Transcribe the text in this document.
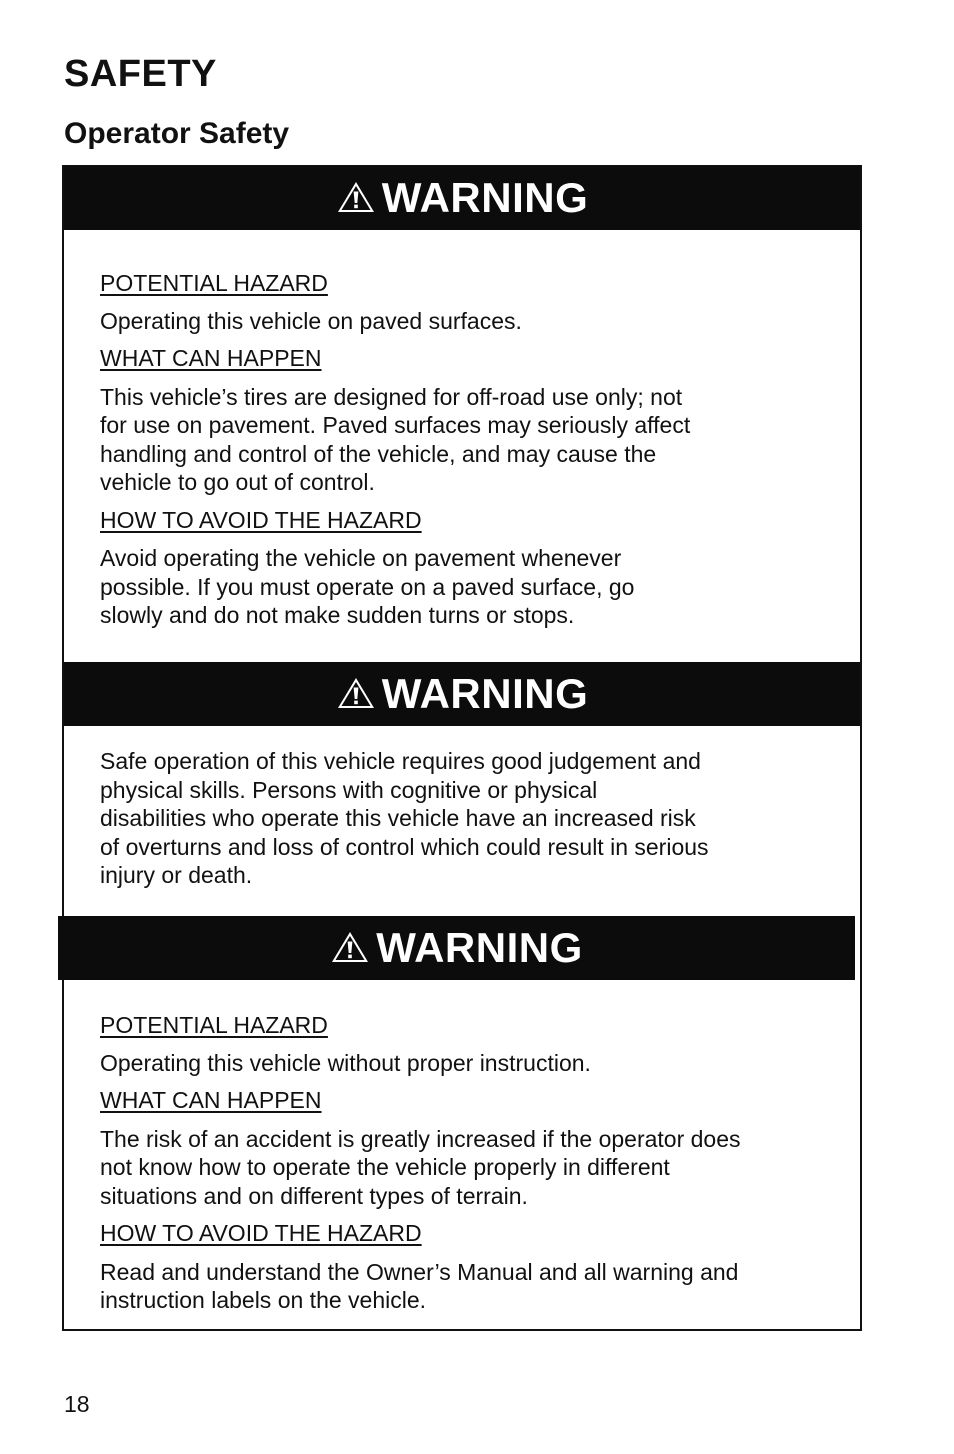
SAFETY
Operator Safety
WARNING

POTENTIAL HAZARD

Operating this vehicle on paved surfaces.

WHAT CAN HAPPEN

This vehicle’s tires are designed for off-road use only; not

for use on pavement. Paved surfaces may seriously affect

handling and control of the vehicle, and may cause the

vehicle to go out of control.

HOW TO AVOID THE HAZARD

Avoid operating the vehicle on pavement whenever

possible. If you must operate on a paved surface, go

slowly and do not make sudden turns or stops.

WARNING

Safe operation of this vehicle requires good judgement and

physical skills. Persons with cognitive or physical

disabilities who operate this vehicle have an increased risk

of overturns and loss of control which could result in serious

injury or death.

WARNING

POTENTIAL HAZARD

Operating this vehicle without proper instruction.

WHAT CAN HAPPEN

The risk of an accident is greatly increased if the operator does

not know how to operate the vehicle properly in different

situations and on different types of terrain.

HOW TO AVOID THE HAZARD

Read and understand the Owner’s Manual and all warning and

instruction labels on the vehicle.

18
